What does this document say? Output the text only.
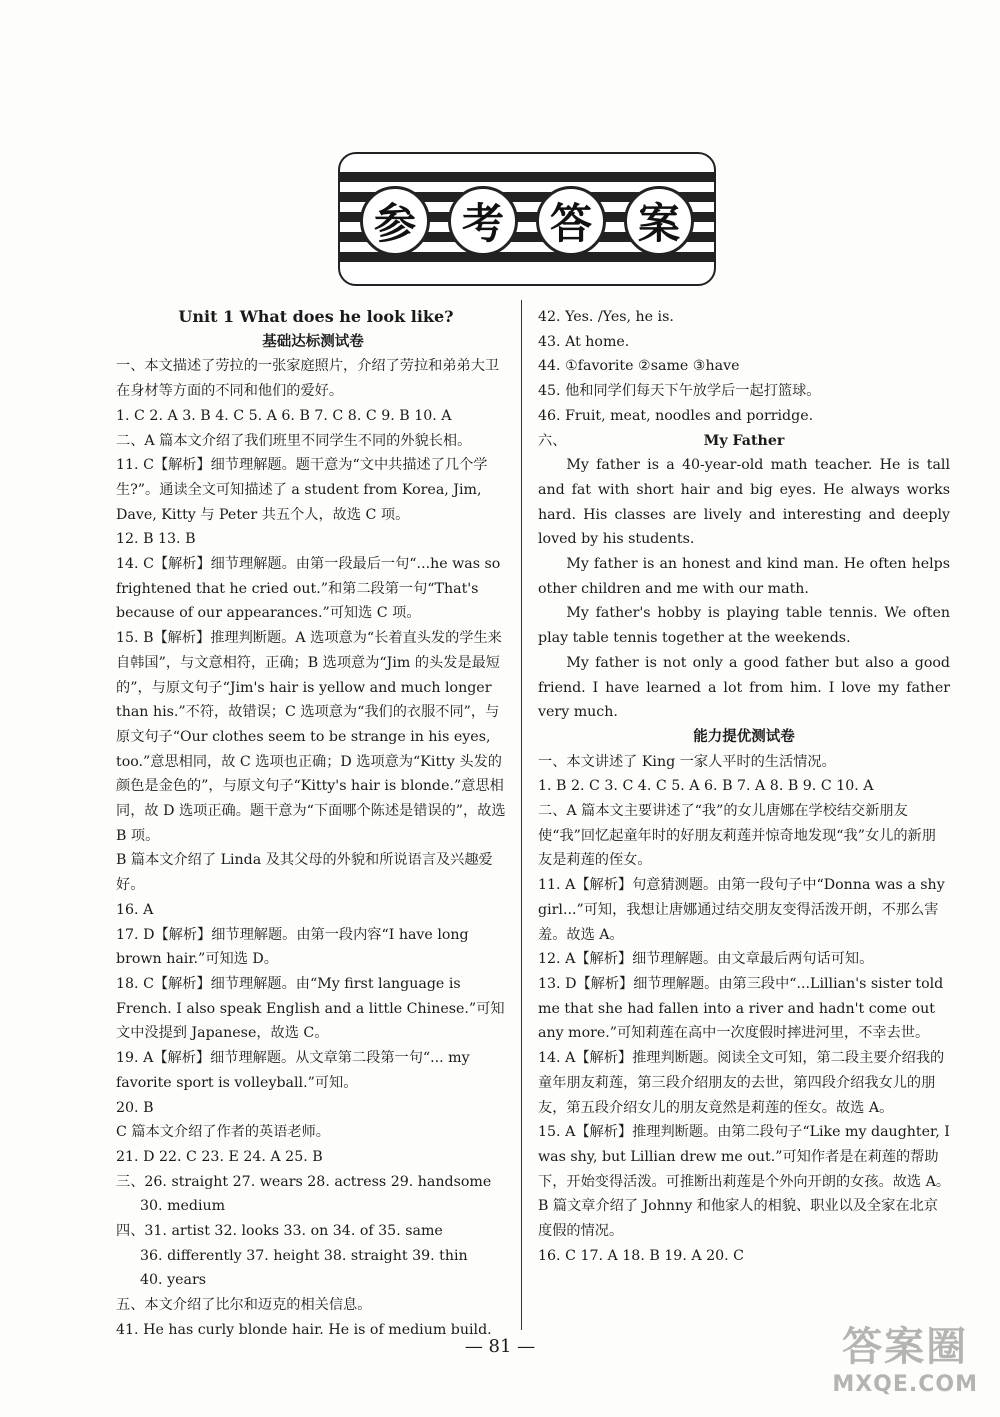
参	考	答	案

Unit 1 What does he look like?

基础达标测试卷

一、本文描述了劳拉的一张家庭照片，介绍了劳拉和弟弟大卫在身材等方面的不同和他们的爱好。

1. C 2. A 3. B 4. C 5. A 6. B 7. C 8. C 9. B 10. A

二、A 篇本文介绍了我们班里不同学生不同的外貌长相。

11. C【解析】细节理解题。题干意为“文中共描述了几个学生?”。通读全文可知描述了 a student from Korea, Jim, Dave, Kitty 与 Peter 共五个人，故选 C 项。

12. B 13. B

14. C【解析】细节理解题。由第一段最后一句“...he was so frightened that he cried out.”和第二段第一句“That's because of our appearances.”可知选 C 项。

15. B【解析】推理判断题。A 选项意为“长着直头发的学生来自韩国”，与文意相符，正确；B 选项意为“Jim 的头发是最短的”，与原文句子“Jim's hair is yellow and much longer than his.”不符，故错误；C 选项意为“我们的衣服不同”，与原文句子“Our clothes seem to be strange in his eyes, too.”意思相同，故 C 选项也正确；D 选项意为“Kitty 头发的颜色是金色的”，与原文句子“Kitty's hair is blonde.”意思相同，故 D 选项正确。题干意为“下面哪个陈述是错误的”，故选 B 项。

B 篇本文介绍了 Linda 及其父母的外貌和所说语言及兴趣爱好。

16. A

17. D【解析】细节理解题。由第一段内容“I have long brown hair.”可知选 D。

18. C【解析】细节理解题。由“My first language is French. I also speak English and a little Chinese.”可知文中没提到 Japanese，故选 C。

19. A【解析】细节理解题。从文章第二段第一句“... my favorite sport is volleyball.”可知。

20. B

C 篇本文介绍了作者的英语老师。

21. D 22. C 23. E 24. A 25. B

三、26. straight 27. wears 28. actress 29. handsome

30. medium

四、31. artist 32. looks 33. on 34. of 35. same

36. differently 37. height 38. straight 39. thin

40. years

五、本文介绍了比尔和迈克的相关信息。

41. He has curly blonde hair. He is of medium build.

42. Yes. /Yes, he is.

43. At home.

44. ①favorite ②same ③have

45. 他和同学们每天下午放学后一起打篮球。

46. Fruit, meat, noodles and porridge.

六、	My Father

My father is a 40-year-old math teacher. He is tall and fat with short hair and big eyes. He always works hard. His classes are lively and interesting and deeply loved by his students.

My father is an honest and kind man. He often helps other children and me with our math.

My father's hobby is playing table tennis. We often play table tennis together at the weekends.

My father is not only a good father but also a good friend. I have learned a lot from him. I love my father very much.

能力提优测试卷

一、本文讲述了 King 一家人平时的生活情况。

1. B 2. C 3. C 4. C 5. A 6. B 7. A 8. B 9. C 10. A

二、A 篇本文主要讲述了“我”的女儿唐娜在学校结交新朋友使“我”回忆起童年时的好朋友莉莲并惊奇地发现“我”女儿的新朋友是莉莲的侄女。

11. A【解析】句意猜测题。由第一段句子中“Donna was a shy girl...”可知，我想让唐娜通过结交朋友变得活泼开朗，不那么害羞。故选 A。

12. A【解析】细节理解题。由文章最后两句话可知。

13. D【解析】细节理解题。由第三段中“...Lillian's sister told me that she had fallen into a river and hadn't come out any more.”可知莉莲在高中一次度假时摔进河里，不幸去世。

14. A【解析】推理判断题。阅读全文可知，第二段主要介绍我的童年朋友莉莲，第三段介绍朋友的去世，第四段介绍我女儿的朋友，第五段介绍女儿的朋友竟然是莉莲的侄女。故选 A。

15. A【解析】推理判断题。由第二段句子“Like my daughter, I was shy, but Lillian drew me out.”可知作者是在莉莲的帮助下，开始变得活泼。可推断出莉莲是个外向开朗的女孩。故选 A。

B 篇文章介绍了 Johnny 和他家人的相貌、职业以及全家在北京度假的情况。

16. C 17. A 18. B 19. A 20. C

— 81 —	答案圈
MXQE.COM
